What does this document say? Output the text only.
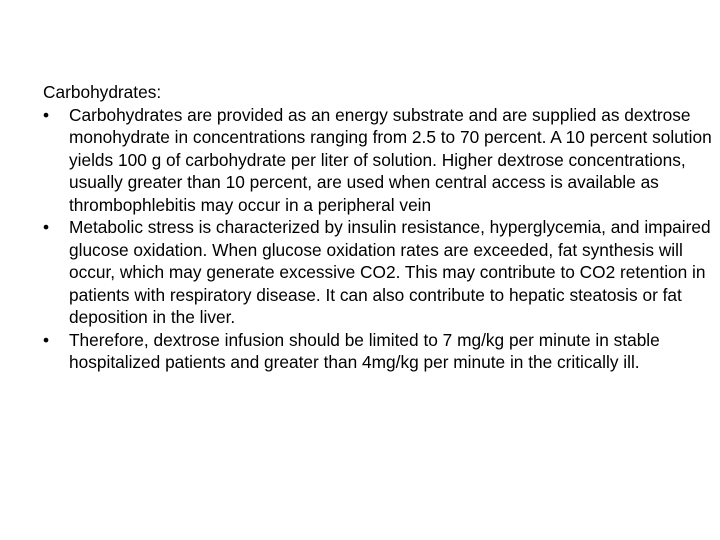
Carbohydrates:
•	Carbohydrates are provided as an energy substrate and are supplied as dextrose monohydrate in concentrations ranging from 2.5 to 70 percent. A 10 percent solution yields 100 g of carbohydrate per liter of solution. Higher dextrose concentrations, usually greater than 10 percent, are used when central access is available as thrombophlebitis may occur in a peripheral vein
•	Metabolic stress is characterized by insulin resistance, hyperglycemia, and impaired glucose oxidation. When glucose oxidation rates are exceeded, fat synthesis will occur, which may generate excessive CO2. This may contribute to CO2 retention in patients with respiratory disease. It can also contribute to hepatic steatosis or fat deposition in the liver.
•	Therefore, dextrose infusion should be limited to 7 mg/kg per minute in stable hospitalized patients and greater than 4mg/kg per minute in the critically ill.
